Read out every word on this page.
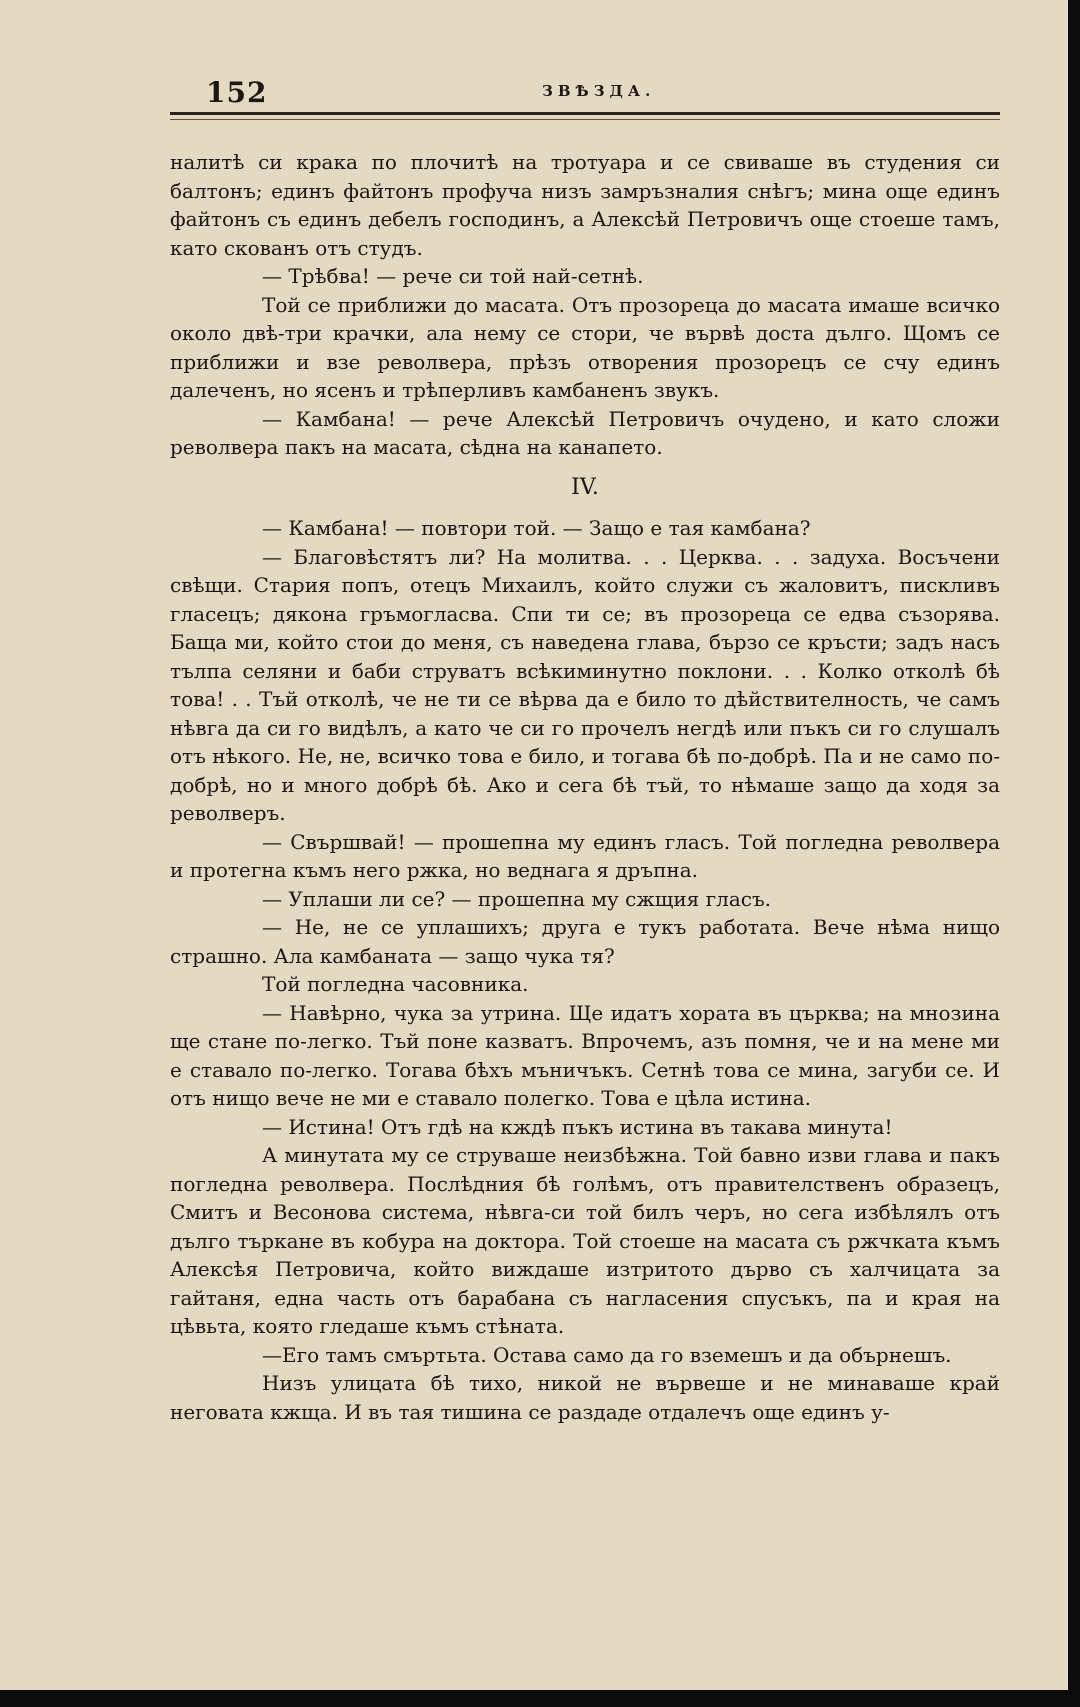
152	ЗВѢЗДА.

налитѣ си крака по плочитѣ на тротуара и се свиваше въ студения си балтонъ; единъ файтонъ профуча низъ замръзналия снѣгъ; мина още единъ файтонъ съ единъ дебелъ господинъ, а Алексѣй Петровичъ още стоеше тамъ, като скованъ отъ студъ.

— Трѣбва! — рече си той най-сетнѣ.

Той се приближи до масата. Отъ прозореца до масата имаше всичко около двѣ-три крачки, ала нему се стори, че вървѣ доста дълго. Щомъ се приближи и взе револвера, прѣзъ отворения прозорецъ се счу единъ далеченъ, но ясенъ и трѣперливъ камбаненъ звукъ.

— Камбана! — рече Алексѣй Петровичъ очудено, и като сложи револвера пакъ на масата, сѣдна на канапето.

IV.

— Камбана! — повтори той. — Защо е тая камбана?

— Благовѣстятъ ли? На молитва. . . Церква. . . задуха. Восъчени свѣщи. Стария попъ, отецъ Михаилъ, който служи съ жаловитъ, пискливъ гласецъ; дякона гръмогласва. Спи ти се; въ прозореца се едва съзорява. Баща ми, който стои до меня, съ наведена глава, бързо се кръсти; задъ насъ тълпа селяни и баби струватъ всѣкиминутно поклони. . . Колко отколѣ бѣ това! . . Тъй отколѣ, че не ти се вѣрва да е било то дѣйствителность, че самъ нѣвга да си го видѣлъ, а като че си го прочелъ негдѣ или пъкъ си го слушалъ отъ нѣкого. Не, не, всичко това е било, и тогава бѣ по-добрѣ. Па и не само по-добрѣ, но и много добрѣ бѣ. Ако и сега бѣ тъй, то нѣмаше защо да ходя за револверъ.

— Свършвай! — прошепна му единъ гласъ. Той погледна револвера и протегна къмъ него ржка, но веднага я дръпна.

— Уплаши ли се? — прошепна му сжщия гласъ.

— Не, не се уплашихъ; друга е тукъ работата. Вече нѣма нищо страшно. Ала камбаната — защо чука тя?

Той погледна часовника.

— Навѣрно, чука за утрина. Ще идатъ хората въ църква; на мнозина ще стане по-легко. Тъй поне казватъ. Впрочемъ, азъ помня, че и на мене ми е ставало по-легко. Тогава бѣхъ мъничъкъ. Сетнѣ това се мина, загуби се. И отъ нищо вече не ми е ставало полегко. Това е цѣла истина.

— Истина! Отъ гдѣ на кждѣ пъкъ истина въ такава минута!

А минутата му се струваше неизбѣжна. Той бавно изви глава и пакъ погледна револвера. Послѣдния бѣ голѣмъ, отъ правителственъ образецъ, Смитъ и Весонова система, нѣвга-си той билъ черъ, но сега избѣлялъ отъ дълго търкане въ кобура на доктора. Той стоеше на масата съ ржчката къмъ Алексѣя Петровича, който виждаше изтритото дърво съ халчицата за гайтаня, една часть отъ барабана съ нагласения спусъкъ, па и края на цѣвьта, която гледаше къмъ стѣната.

—Его тамъ смъртьта. Остава само да го вземешъ и да обърнешъ.

Низъ улицата бѣ тихо, никой не вървеше и не минаваше край неговата кжща. И въ тая тишина се раздаде отдалечъ още единъ у-
